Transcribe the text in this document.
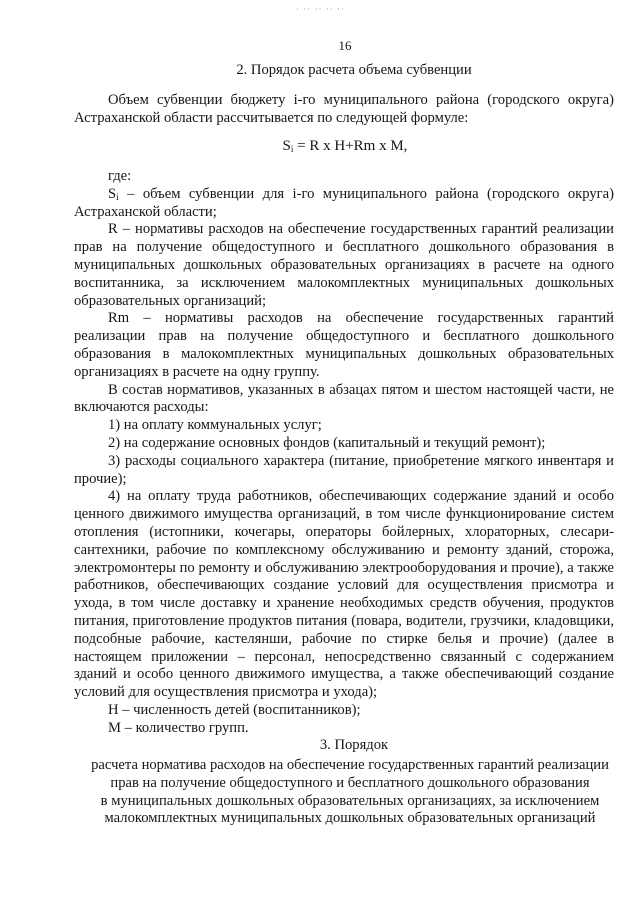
· ·· ·· ·· ··
16
2. Порядок расчета объема субвенции

Объем субвенции бюджету i-го муниципального района (городского округа) Астраханской области рассчитывается по следующей формуле:

$S_i = R$ x H+Rm x M,

где:

$S_i$ – объем субвенции для i-го муниципального района (городского округа) Астраханской области;

R – нормативы расходов на обеспечение государственных гарантий реализации прав на получение общедоступного и бесплатного дошкольного образования в муниципальных дошкольных образовательных организациях в расчете на одного воспитанника, за исключением малокомплектных муниципальных дошкольных образовательных организаций;

Rm – нормативы расходов на обеспечение государственных гарантий реализации прав на получение общедоступного и бесплатного дошкольного образования в малокомплектных муниципальных дошкольных образовательных организациях в расчете на одну группу.

В состав нормативов, указанных в абзацах пятом и шестом настоящей части, не включаются расходы:

1) на оплату коммунальных услуг;

2) на содержание основных фондов (капитальный и текущий ремонт);

3) расходы социального характера (питание, приобретение мягкого инвентаря и прочие);

4) на оплату труда работников, обеспечивающих содержание зданий и особо ценного движимого имущества организаций, в том числе функционирование систем отопления (истопники, кочегары, операторы бойлерных, хлораторных, слесари-сантехники, рабочие по комплексному обслуживанию и ремонту зданий, сторожа, электромонтеры по ремонту и обслуживанию электрооборудования и прочие), а также работников, обеспечивающих создание условий для осуществления присмотра и ухода, в том числе доставку и хранение необходимых средств обучения, продуктов питания, приготовление продуктов питания (повара, водители, грузчики, кладовщики, подсобные рабочие, кастелянши, рабочие по стирке белья и прочие) (далее в настоящем приложении – персонал, непосредственно связанный с содержанием зданий и особо ценного движимого имущества, а также обеспечивающий создание условий для осуществления присмотра и ухода);

Н – численность детей (воспитанников);

М – количество групп.

3. Порядок

расчета норматива расходов на обеспечение государственных гарантий реализации

прав на получение общедоступного и бесплатного дошкольного образования

в муниципальных дошкольных образовательных организациях, за исключением

малокомплектных муниципальных дошкольных образовательных организаций
